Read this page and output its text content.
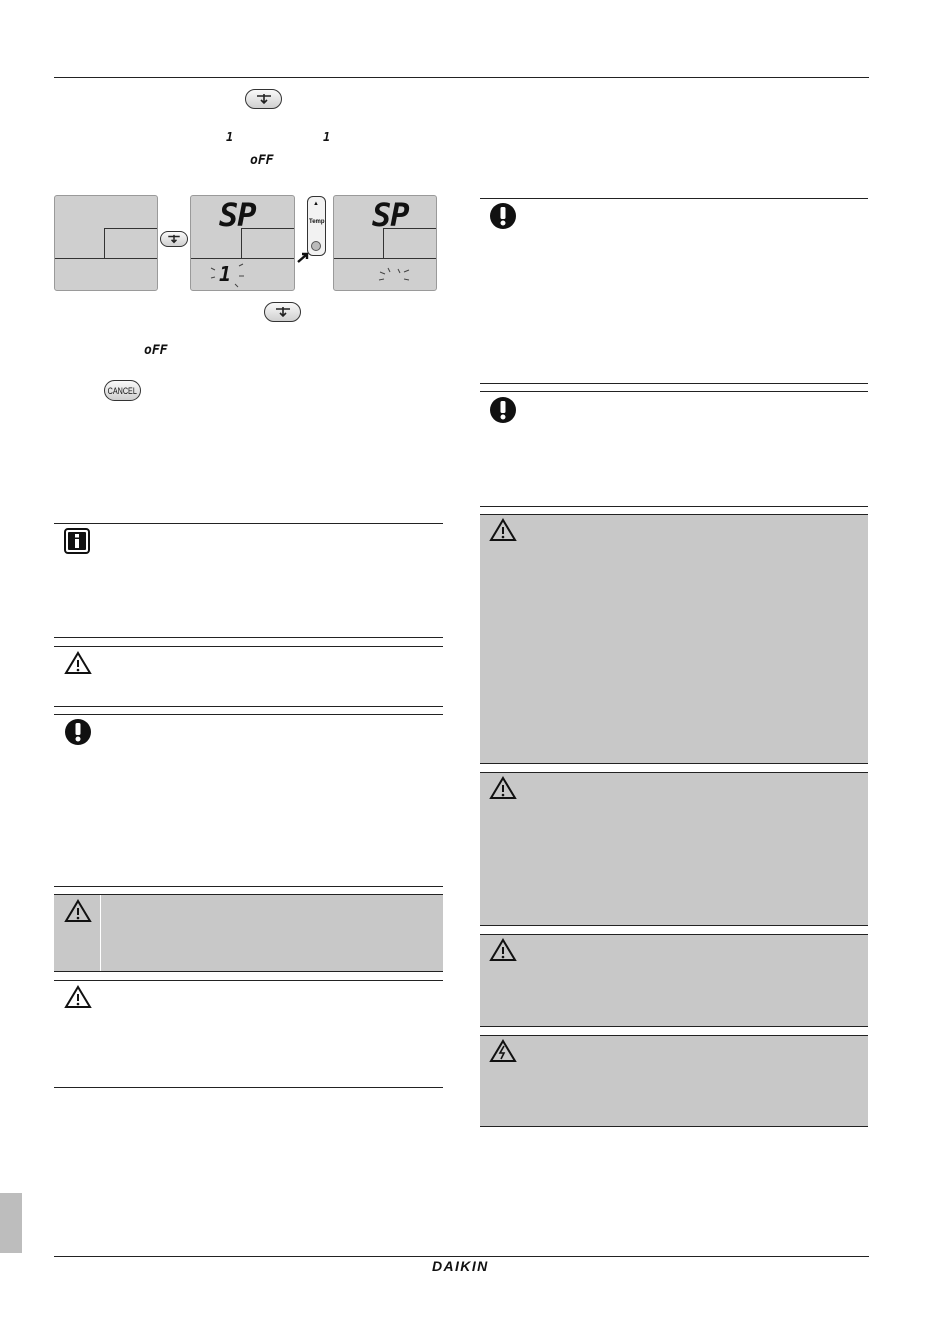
1	1
oFF
SP
1
▲
Temp SP
oFF
CANCEL
DAIKIN
